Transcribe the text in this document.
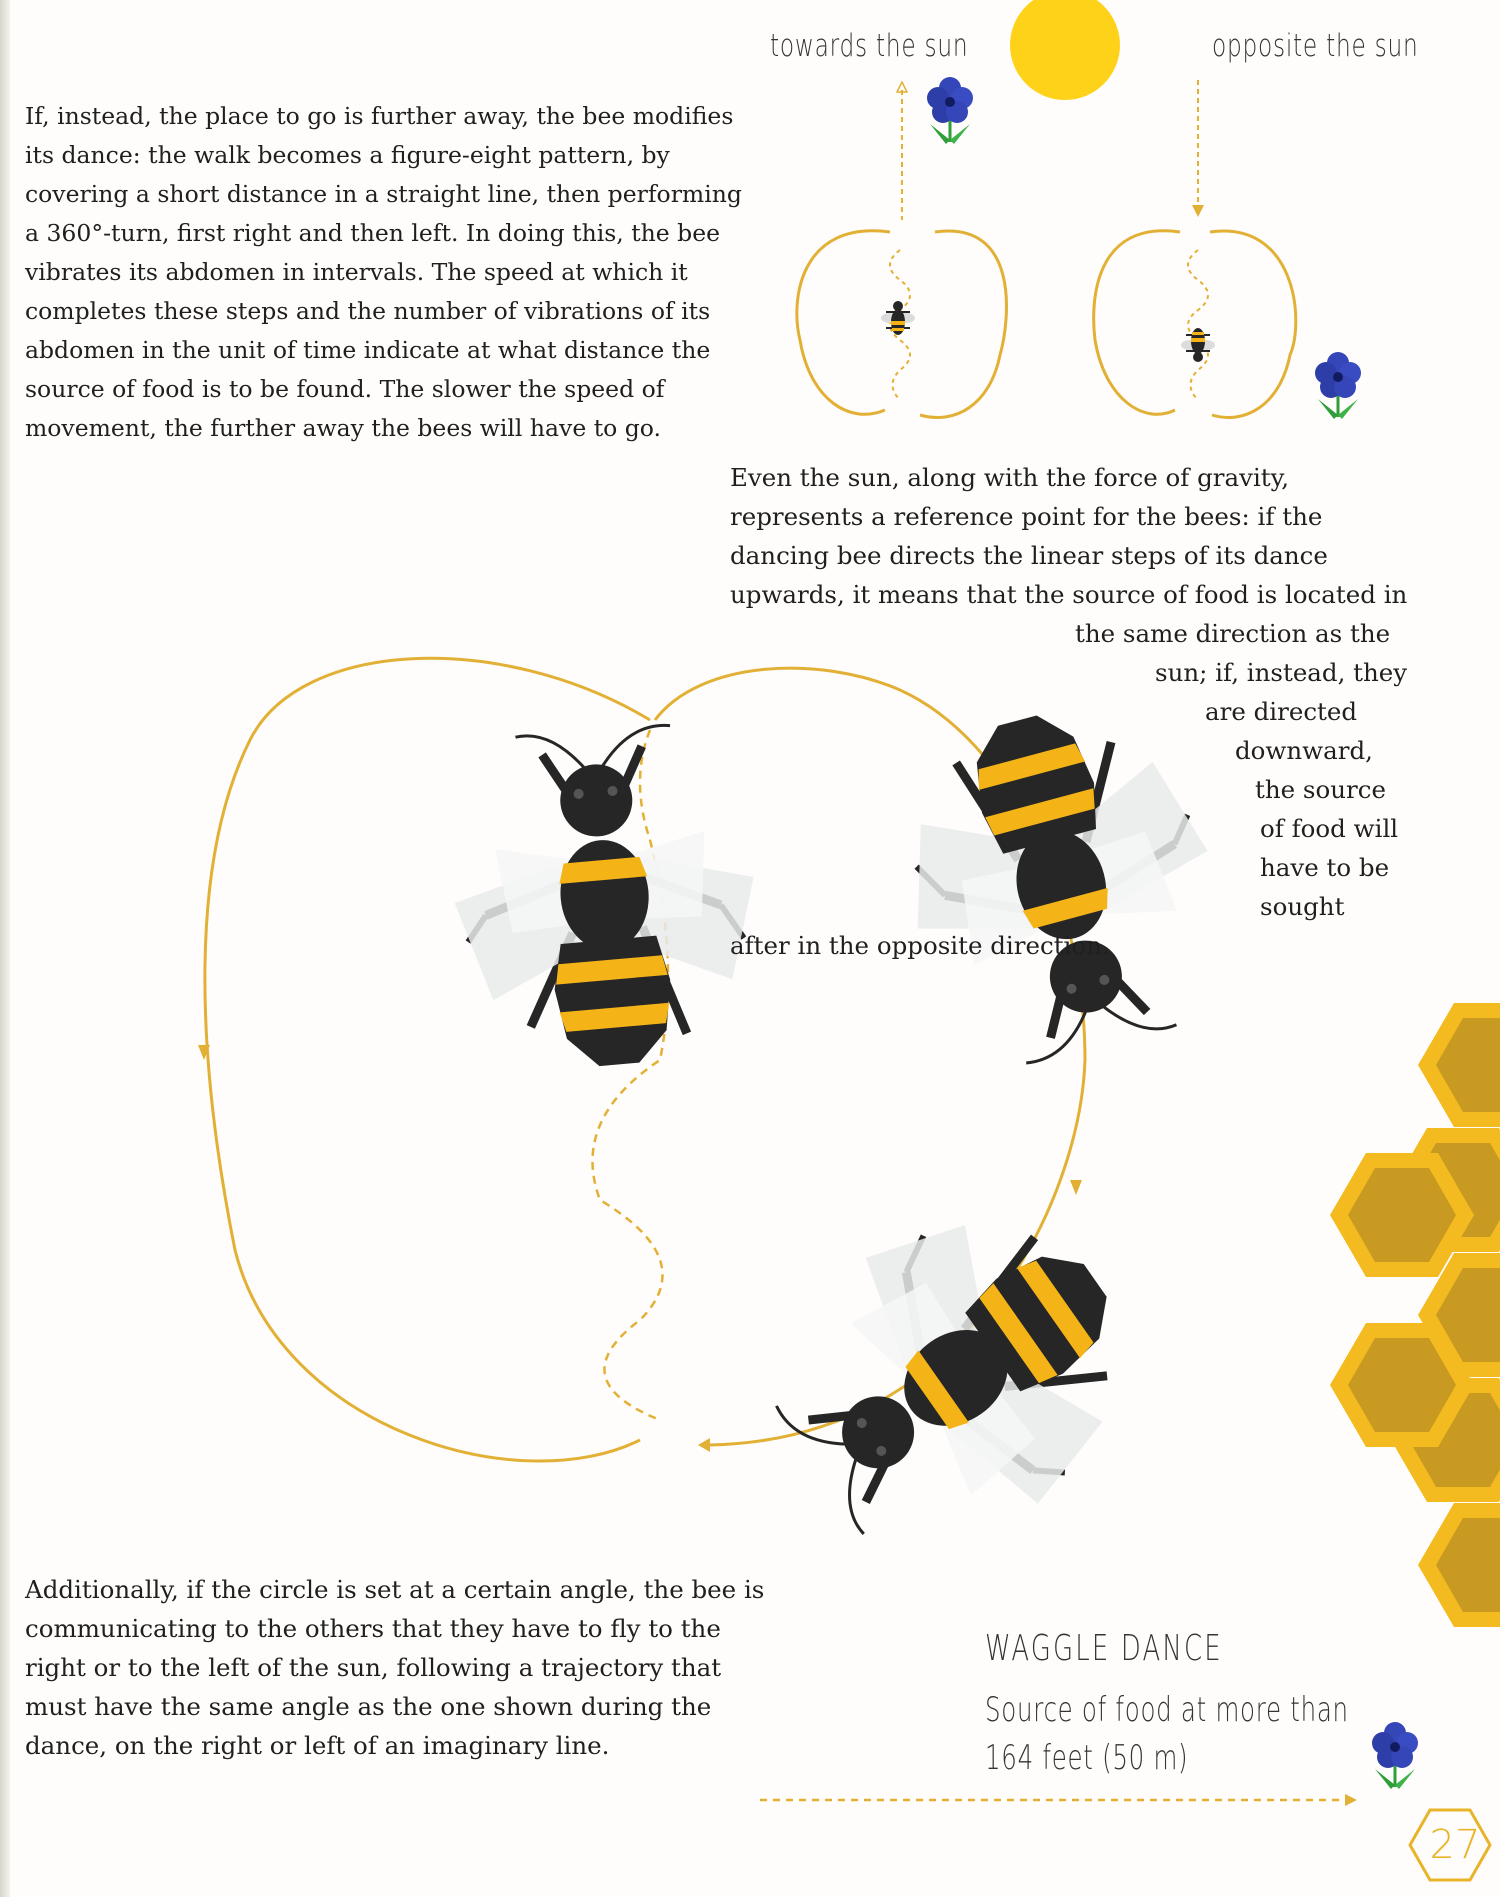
towards the sun	opposite the sun

If, instead, the place to go is further away, the bee modifies its dance: the walk becomes a figure-eight pattern, by covering a short distance in a straight line, then performing a 360°-turn, first right and then left. In doing this, the bee vibrates its abdomen in intervals. The speed at which it completes these steps and the number of vibrations of its abdomen in the unit of time indicate at what distance the source of food is to be found. The slower the speed of movement, the further away the bees will have to go.

Even the sun, along with the force of gravity, represents a reference point for the bees: if the dancing bee directs the linear steps of its dance upwards, it means that the source of food is located in the same direction as the sun; if, instead, they are directed downward, the source of food will have to be sought after in the opposite direction.

Additionally, if the circle is set at a certain angle, the bee is communicating to the others that they have to fly to the right or to the left of the sun, following a trajectory that must have the same angle as the one shown during the dance, on the right or left of an imaginary line.

WAGGLE DANCE
Source of food at more than
164 feet (50 m)
27
